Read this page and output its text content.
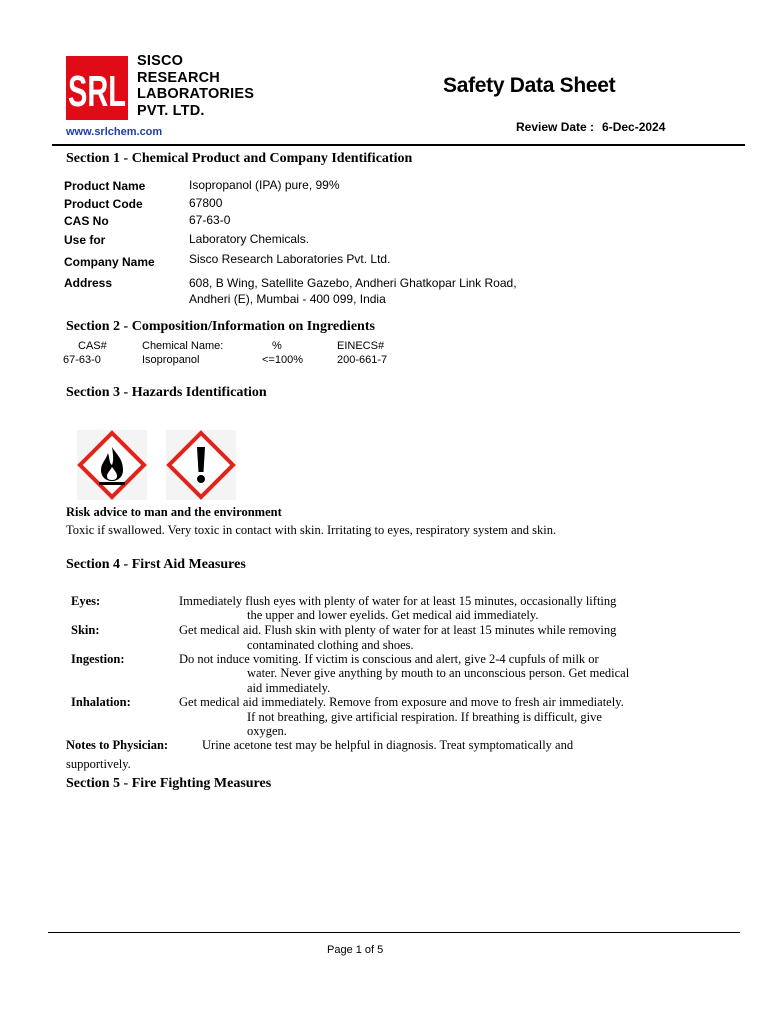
SRL
SISCO
RESEARCH
LABORATORIES
PVT. LTD.
www.srlchem.com
Safety Data Sheet
Review Date : 6-Dec-2024
Section 1 - Chemical Product and Company Identification
Product Name	Isopropanol (IPA) pure, 99%
Product Code	67800
CAS No	67-63-0
Use for	Laboratory Chemicals.
Company Name	Sisco Research Laboratories Pvt. Ltd.
Address	608, B Wing, Satellite Gazebo, Andheri Ghatkopar Link Road,
Andheri (E), Mumbai - 400 099, India
Section 2 - Composition/Information on Ingredients
CAS#	Chemical Name:	%	EINECS#
67-63-0	Isopropanol	<=100%	200-661-7
Section 3 - Hazards Identification
Risk advice to man and the environment
Toxic if swallowed. Very toxic in contact with skin. Irritating to eyes, respiratory system and skin.
Section 4 - First Aid Measures
Eyes:	Immediately flush eyes with plenty of water for at least 15 minutes, occasionally lifting
the upper and lower eyelids. Get medical aid immediately.
Skin:	Get medical aid. Flush skin with plenty of water for at least 15 minutes while removing
contaminated clothing and shoes.
Ingestion:	Do not induce vomiting. If victim is conscious and alert, give 2-4 cupfuls of milk or
water. Never give anything by mouth to an unconscious person. Get medical
aid immediately.
Inhalation:	Get medical aid immediately. Remove from exposure and move to fresh air immediately.
If not breathing, give artificial respiration. If breathing is difficult, give
oxygen.
Notes to Physician:	Urine acetone test may be helpful in diagnosis. Treat symptomatically and
supportively.
Section 5 - Fire Fighting Measures
Page 1 of 5
